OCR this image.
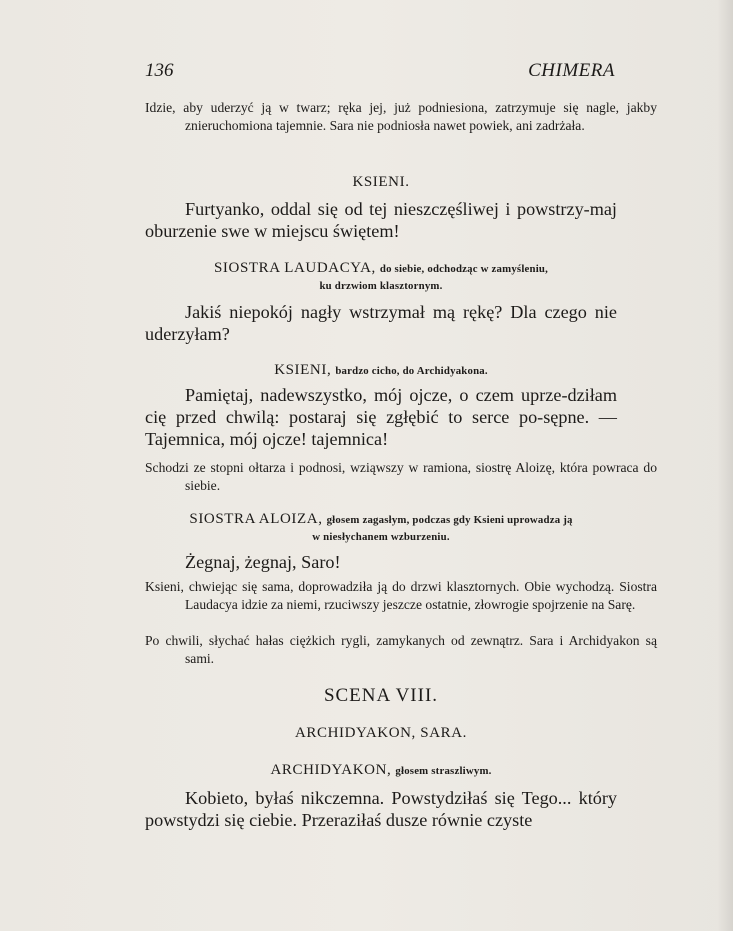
136	CHIMERA
Idzie, aby uderzyć ją w twarz; ręka jej, już podniesiona, zatrzymuje się nagle, jakby znieruchomiona tajemnie. Sara nie podniosła nawet powiek, ani zadrżała.
KSIENI.
Furtyanko, oddal się od tej nieszczęśliwej i powstrzy-maj oburzenie swe w miejscu świętem!
SIOSTRA LAUDACYA, do siebie, odchodząc w zamyśleniu,
ku drzwiom klasztornym.
Jakiś niepokój nagły wstrzymał mą rękę? Dla czego nie uderzyłam?
KSIENI, bardzo cicho, do Archidyakona.
Pamiętaj, nadewszystko, mój ojcze, o czem uprze-dziłam cię przed chwilą: postaraj się zgłębić to serce po-sępne. — Tajemnica, mój ojcze! tajemnica!
Schodzi ze stopni ołtarza i podnosi, wziąwszy w ramiona, siostrę Aloizę, która powraca do siebie.
SIOSTRA ALOIZA, głosem zagasłym, podczas gdy Ksieni uprowadza ją
w niesłychanem wzburzeniu.
Żegnaj, żegnaj, Saro!
Ksieni, chwiejąc się sama, doprowadziła ją do drzwi klasztornych. Obie wychodzą. Siostra Laudacya idzie za niemi, rzuciwszy jeszcze ostatnie, złowrogie spojrzenie na Sarę.
Po chwili, słychać hałas ciężkich rygli, zamykanych od zewnątrz. Sara i Archidyakon są sami.
SCENA VIII.
ARCHIDYAKON, SARA.
ARCHIDYAKON, głosem straszliwym.
Kobieto, byłaś nikczemna. Powstydziłaś się Tego... który powstydzi się ciebie. Przeraziłaś dusze równie czyste
